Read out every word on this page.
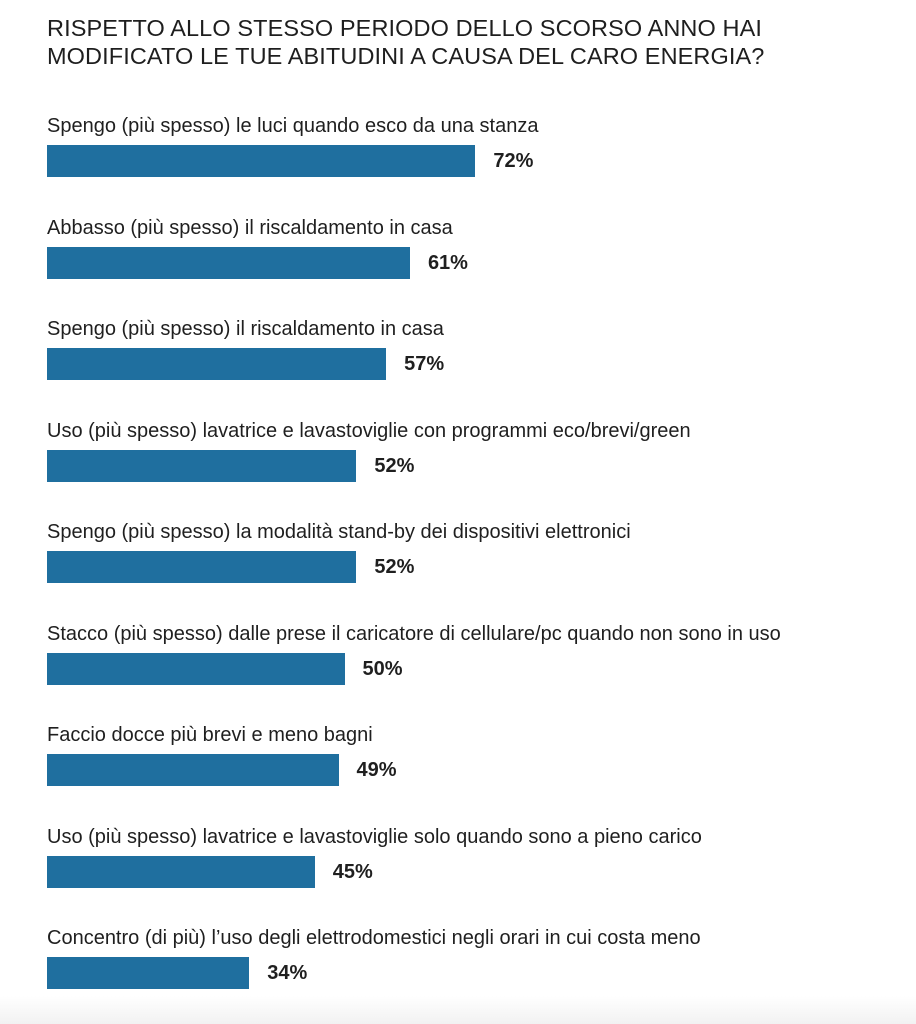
RISPETTO ALLO STESSO PERIODO DELLO SCORSO ANNO HAI
MODIFICATO LE TUE ABITUDINI A CAUSA DEL CARO ENERGIA?
Spengo (più spesso) le luci quando esco da una stanza
72%
Abbasso (più spesso) il riscaldamento in casa
61%
Spengo (più spesso) il riscaldamento in casa
57%
Uso (più spesso) lavatrice e lavastoviglie con programmi eco/brevi/green
52%
Spengo (più spesso) la modalità stand-by dei dispositivi elettronici
52%
Stacco (più spesso) dalle prese il caricatore di cellulare/pc quando non sono in uso
50%
Faccio docce più brevi e meno bagni
49%
Uso (più spesso) lavatrice e lavastoviglie solo quando sono a pieno carico
45%
Concentro (di più) l’uso degli elettrodomestici negli orari in cui costa meno
34%
